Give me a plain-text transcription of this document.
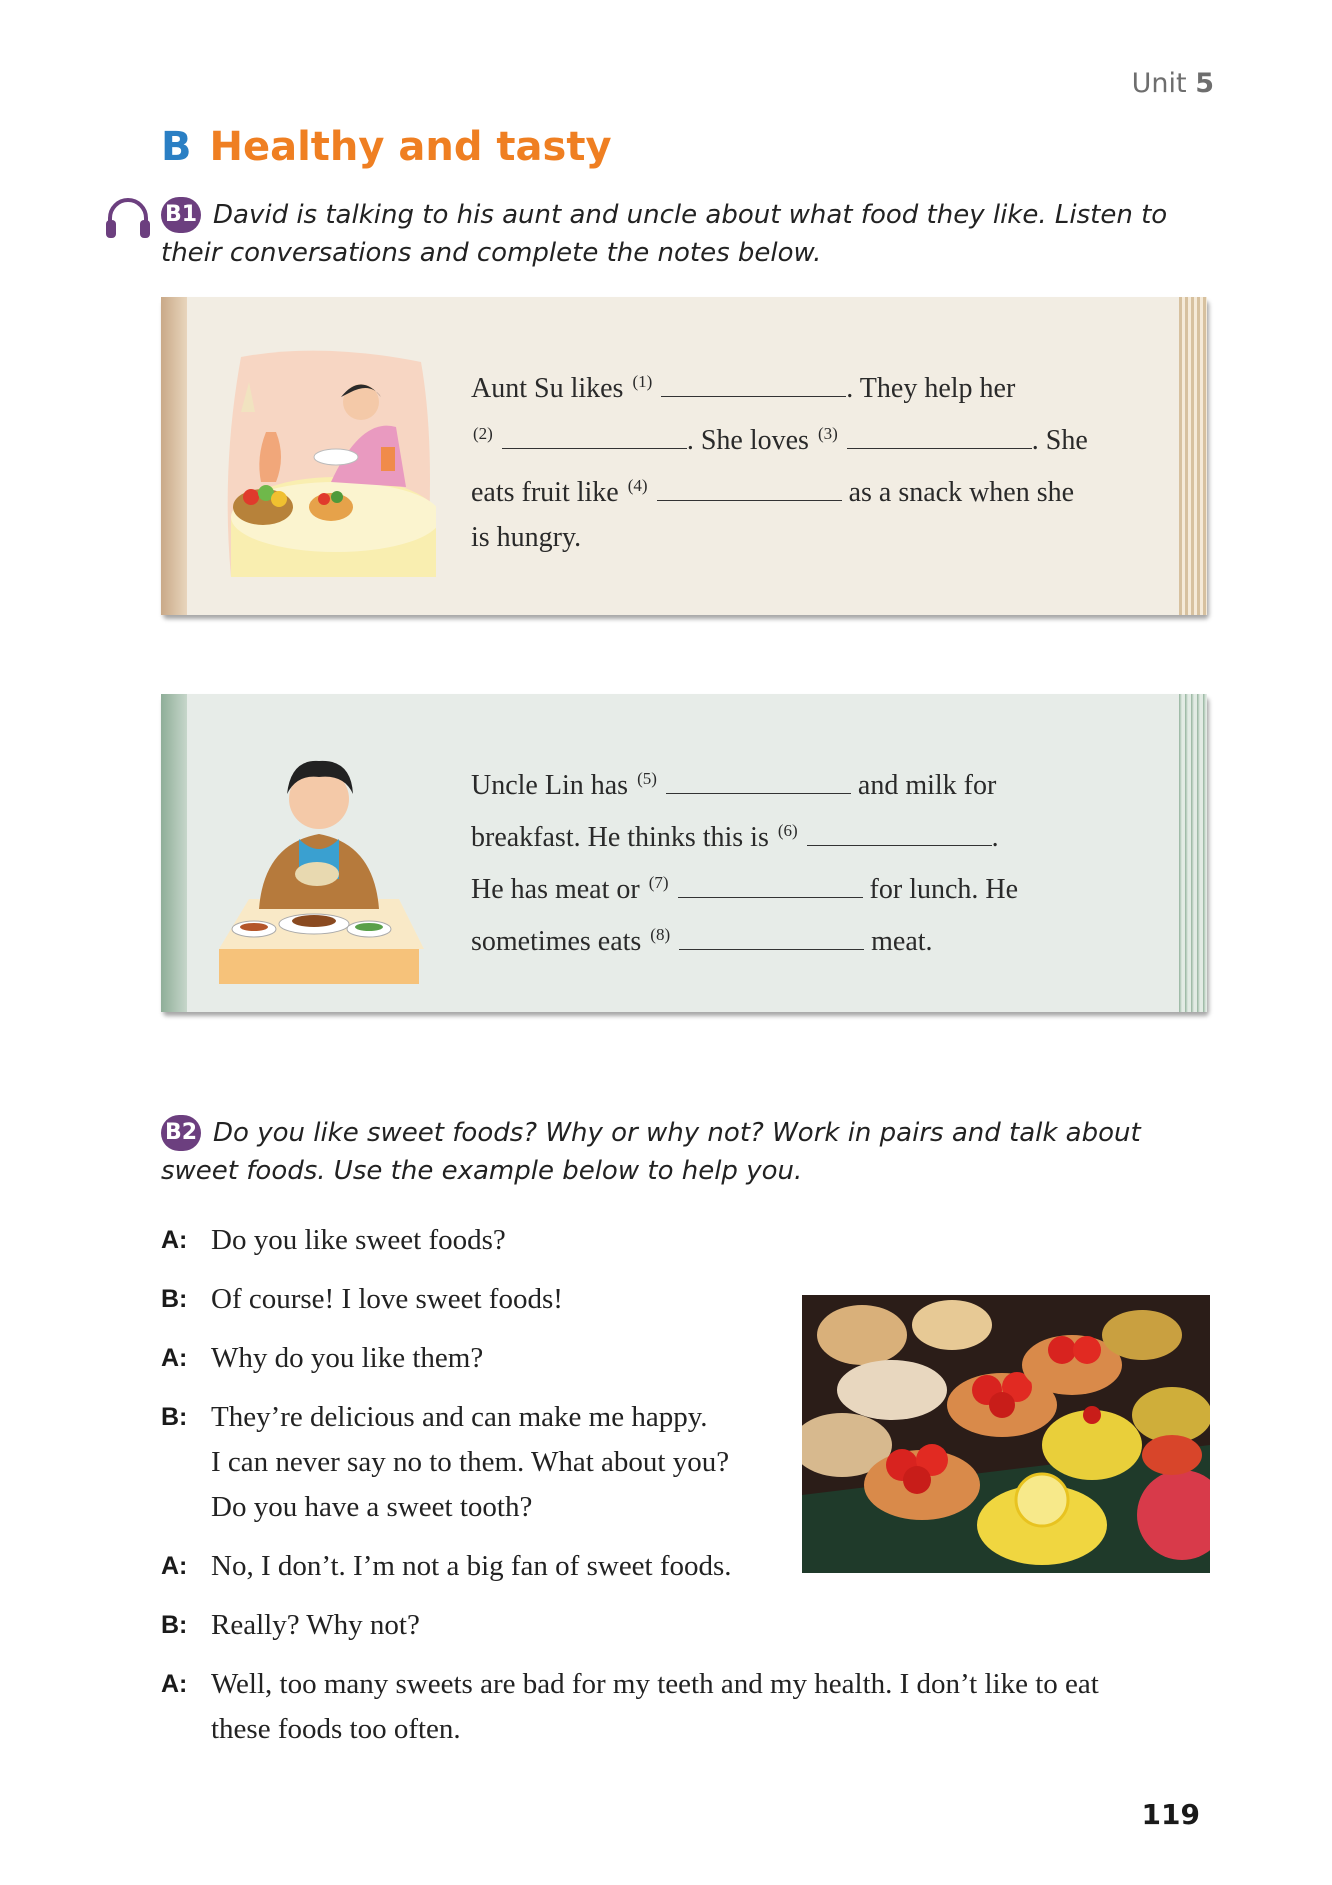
Unit 5
B Healthy and tasty
B1 David is talking to his aunt and uncle about what food they like. Listen to their conversations and complete the notes below.
Aunt Su likes $^{(1)}$	. They help her
$^{(2)}$	. She loves $^{(3)}$	. She
eats fruit like $^{(4)}$	as a snack when she
is hungry.
Uncle Lin has $^{(5)}$	and milk for
breakfast. He thinks this is $^{(6)}$	.
He has meat or $^{(7)}$	for lunch. He
sometimes eats $^{(8)}$	meat.
B2 Do you like sweet foods? Why or why not? Work in pairs and talk about sweet foods. Use the example below to help you.
A: Do you like sweet foods?
B: Of course! I love sweet foods!
A: Why do you like them?
B: They’re delicious and can make me happy.
I can never say no to them. What about you?
Do you have a sweet tooth?
A: No, I don’t. I’m not a big fan of sweet foods.
B: Really? Why not?
A: Well, too many sweets are bad for my teeth and my health. I don’t like to eat
these foods too often.
119
